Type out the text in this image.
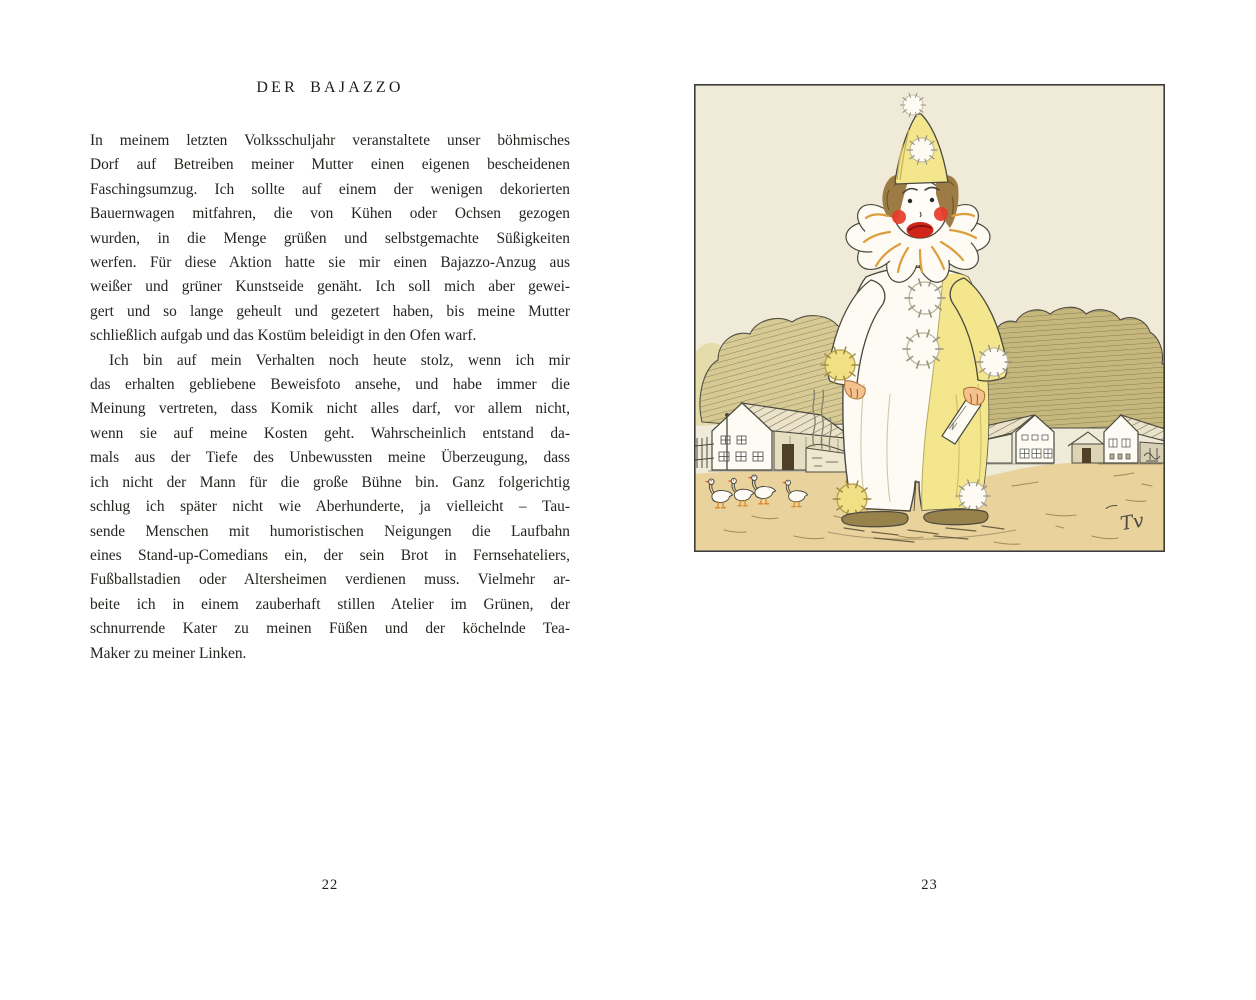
DER BAJAZZO
In meinem letzten Volksschuljahr veranstaltete unser böhmisches
Dorf auf Betreiben meiner Mutter einen eigenen bescheidenen
Faschingsumzug. Ich sollte auf einem der wenigen dekorierten
Bauernwagen mitfahren, die von Kühen oder Ochsen gezogen
wurden, in die Menge grüßen und selbstgemachte Süßigkeiten
werfen. Für diese Aktion hatte sie mir einen Bajazzo-Anzug aus
weißer und grüner Kunstseide genäht. Ich soll mich aber gewei-
gert und so lange geheult und gezetert haben, bis meine Mutter
schließlich aufgab und das Kostüm beleidigt in den Ofen warf.
Ich bin auf mein Verhalten noch heute stolz, wenn ich mir
das erhalten gebliebene Beweisfoto ansehe, und habe immer die
Meinung vertreten, dass Komik nicht alles darf, vor allem nicht,
wenn sie auf meine Kosten geht. Wahrscheinlich entstand da-
mals aus der Tiefe des Unbewussten meine Überzeugung, dass
ich nicht der Mann für die große Bühne bin. Ganz folgerichtig
schlug ich später nicht wie Aberhunderte, ja vielleicht – Tau-
sende Menschen mit humoristischen Neigungen die Laufbahn
eines Stand-up-Comedians ein, der sein Brot in Fernsehateliers,
Fußballstadien oder Altersheimen verdienen muss. Vielmehr ar-
beite ich in einem zauberhaft stillen Atelier im Grünen, der
schnurrende Kater zu meinen Füßen und der köchelnde Tea-
Maker zu meiner Linken.
22
Tv
23
